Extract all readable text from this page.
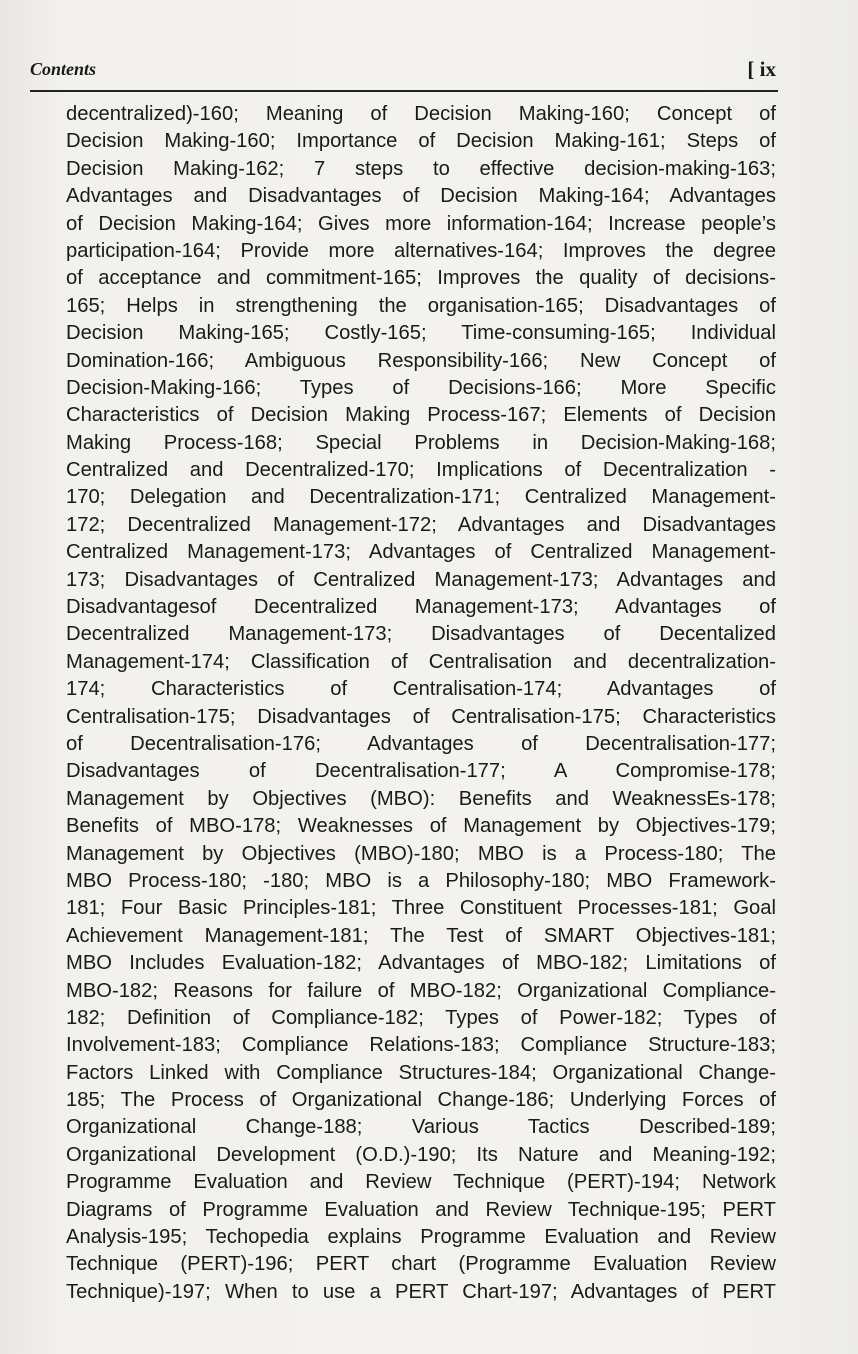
Contents	[ ix
decentralized)-160; Meaning of Decision Making-160; Concept of
Decision Making-160; Importance of Decision Making-161; Steps of
Decision Making-162; 7 steps to effective decision-making-163;
Advantages and Disadvantages of Decision Making-164; Advantages
of Decision Making-164; Gives more information-164; Increase people’s
participation-164; Provide more alternatives-164; Improves the degree
of acceptance and commitment-165; Improves the quality of decisions-
165; Helps in strengthening the organisation-165; Disadvantages of
Decision Making-165; Costly-165; Time-consuming-165; Individual
Domination-166; Ambiguous Responsibility-166; New Concept of
Decision-Making-166; Types of Decisions-166; More Specific
Characteristics of Decision Making Process-167; Elements of Decision
Making Process-168; Special Problems in Decision-Making-168;
Centralized and Decentralized-170; Implications of Decentralization -
170; Delegation and Decentralization-171; Centralized Management-
172; Decentralized Management-172; Advantages and Disadvantages
Centralized Management-173; Advantages of Centralized Management-
173; Disadvantages of Centralized Management-173; Advantages and
Disadvantagesof Decentralized Management-173; Advantages of
Decentralized Management-173; Disadvantages of Decentalized
Management-174; Classification of Centralisation and decentralization-
174; Characteristics of Centralisation-174; Advantages of
Centralisation-175; Disadvantages of Centralisation-175; Characteristics
of Decentralisation-176; Advantages of Decentralisation-177;
Disadvantages of Decentralisation-177; A Compromise-178;
Management by Objectives (MBO): Benefits and WeaknessEs-178;
Benefits of MBO-178; Weaknesses of Management by Objectives-179;
Management by Objectives (MBO)-180; MBO is a Process-180; The
MBO Process-180; -180; MBO is a Philosophy-180; MBO Framework-
181; Four Basic Principles-181; Three Constituent Processes-181; Goal
Achievement Management-181; The Test of SMART Objectives-181;
MBO Includes Evaluation-182; Advantages of MBO-182; Limitations of
MBO-182; Reasons for failure of MBO-182; Organizational Compliance-
182; Definition of Compliance-182; Types of Power-182; Types of
Involvement-183; Compliance Relations-183; Compliance Structure-183;
Factors Linked with Compliance Structures-184; Organizational Change-
185; The Process of Organizational Change-186; Underlying Forces of
Organizational Change-188; Various Tactics Described-189;
Organizational Development (O.D.)-190; Its Nature and Meaning-192;
Programme Evaluation and Review Technique (PERT)-194; Network
Diagrams of Programme Evaluation and Review Technique-195; PERT
Analysis-195; Techopedia explains Programme Evaluation and Review
Technique (PERT)-196; PERT chart (Programme Evaluation Review
Technique)-197; When to use a PERT Chart-197; Advantages of PERT
